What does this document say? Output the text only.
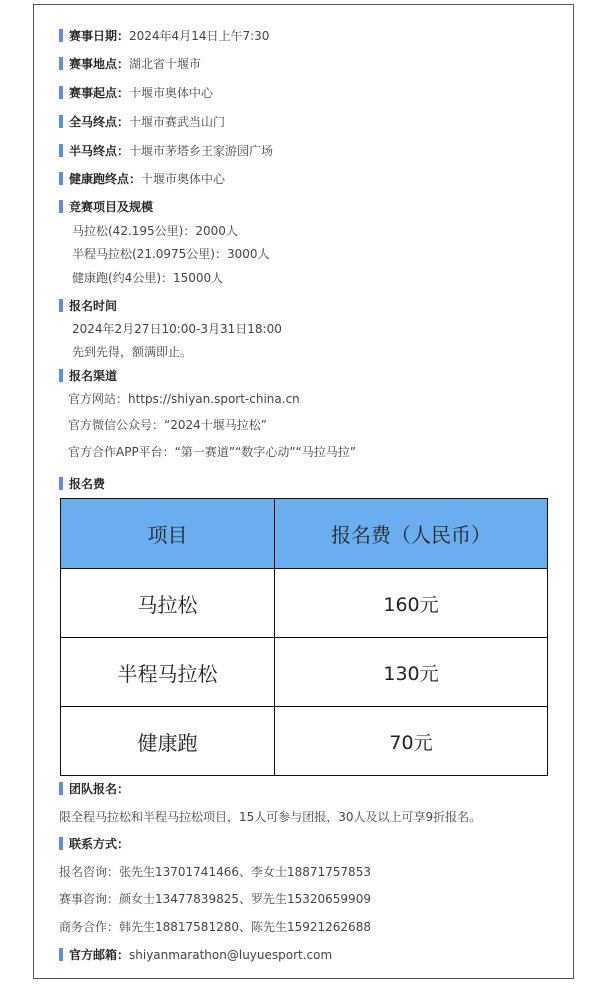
赛事日期：2024年4月14日上午7:30
赛事地点：湖北省十堰市
赛事起点：十堰市奥体中心
全马终点：十堰市赛武当山门
半马终点：十堰市茅塔乡王家游园广场
健康跑终点：十堰市奥体中心
竞赛项目及规模
马拉松(42.195公里)：2000人
半程马拉松(21.0975公里)：3000人
健康跑(约4公里)：15000人
报名时间
2024年2月27日10:00-3月31日18:00
先到先得，额满即止。
报名渠道
官方网站：https://shiyan.sport-china.cn
官方微信公众号：“2024十堰马拉松”
官方合作APP平台：“第一赛道”“数字心动”“马拉马拉”
报名费
项目	报名费（人民币）
马拉松	160元
半程马拉松	130元
健康跑	70元
团队报名：
限全程马拉松和半程马拉松项目，15人可参与团报，30人及以上可享9折报名。
联系方式：
报名咨询：张先生13701741466、李女士18871757853
赛事咨询：颜女士13477839825、罗先生15320659909
商务合作：韩先生18817581280、陈先生15921262688
官方邮箱：shiyanmarathon@luyuesport.com
